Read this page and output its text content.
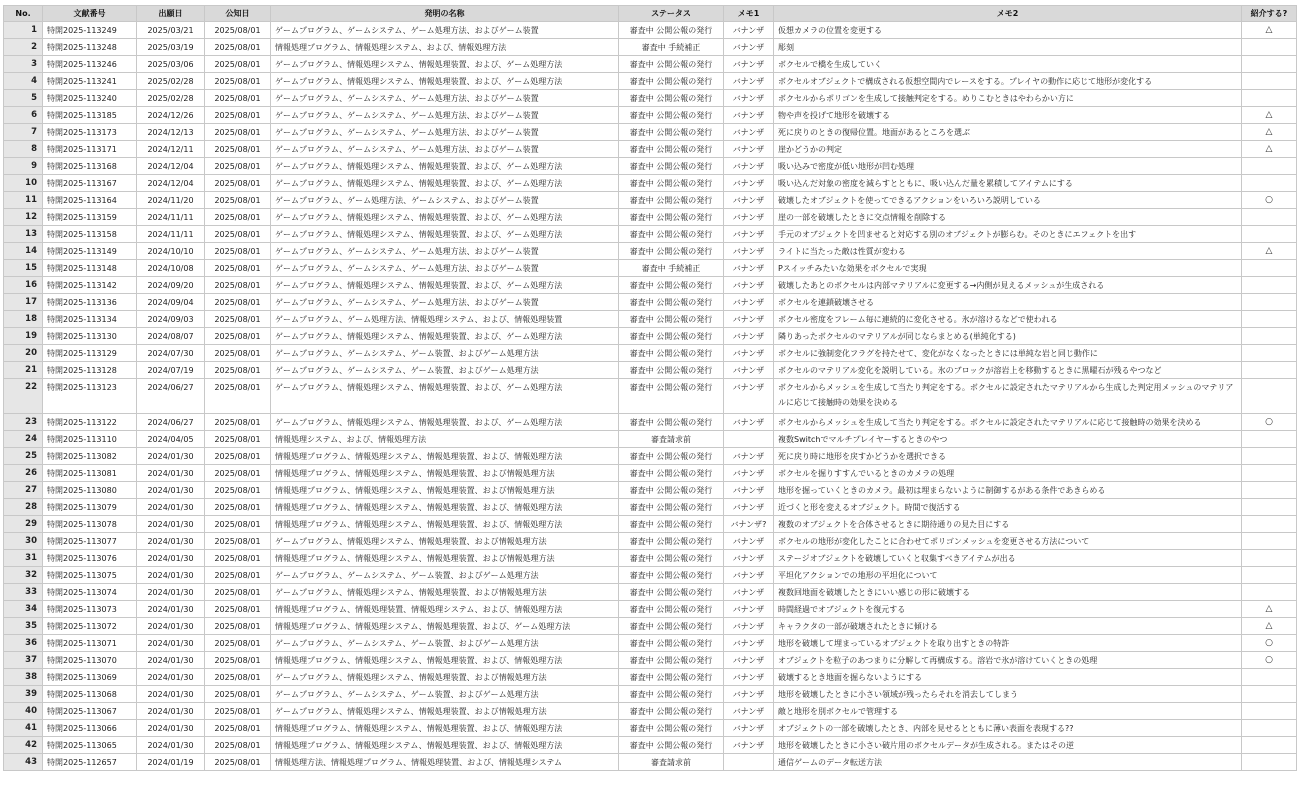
No.	文献番号	出願日	公知日	発明の名称	ステータス	メモ1	メモ2	紹介する?
1	特開2025-113249	2025/03/21	2025/08/01	ゲームプログラム、ゲームシステム、ゲーム処理方法、およびゲーム装置	審査中 公開公報の発行	バナンザ	仮想カメラの位置を変更する	△
2	特開2025-113248	2025/03/19	2025/08/01	情報処理プログラム、情報処理システム、および、情報処理方法	審査中 手続補正	バナンザ	彫刻	
3	特開2025-113246	2025/03/06	2025/08/01	ゲームプログラム、情報処理システム、情報処理装置、および、ゲーム処理方法	審査中 公開公報の発行	バナンザ	ボクセルで橋を生成していく	
4	特開2025-113241	2025/02/28	2025/08/01	ゲームプログラム、情報処理システム、情報処理装置、および、ゲーム処理方法	審査中 公開公報の発行	バナンザ	ボクセルオブジェクトで構成される仮想空間内でレースをする。プレイヤの動作に応じて地形が変化する	
5	特開2025-113240	2025/02/28	2025/08/01	ゲームプログラム、ゲームシステム、ゲーム処理方法、およびゲーム装置	審査中 公開公報の発行	バナンザ	ボクセルからポリゴンを生成して接触判定をする。めりこむときはやわらかい方に	
6	特開2025-113185	2024/12/26	2025/08/01	ゲームプログラム、ゲームシステム、ゲーム処理方法、およびゲーム装置	審査中 公開公報の発行	バナンザ	物や声を投げて地形を破壊する	△
7	特開2025-113173	2024/12/13	2025/08/01	ゲームプログラム、ゲームシステム、ゲーム処理方法、およびゲーム装置	審査中 公開公報の発行	バナンザ	死に戻りのときの復帰位置。地面があるところを選ぶ	△
8	特開2025-113171	2024/12/11	2025/08/01	ゲームプログラム、ゲームシステム、ゲーム処理方法、およびゲーム装置	審査中 公開公報の発行	バナンザ	崖かどうかの判定	△
9	特開2025-113168	2024/12/04	2025/08/01	ゲームプログラム、情報処理システム、情報処理装置、および、ゲーム処理方法	審査中 公開公報の発行	バナンザ	吸い込みで密度が低い地形が凹む処理	
10	特開2025-113167	2024/12/04	2025/08/01	ゲームプログラム、情報処理システム、情報処理装置、および、ゲーム処理方法	審査中 公開公報の発行	バナンザ	吸い込んだ対象の密度を減らすとともに、吸い込んだ量を累積してアイテムにする	
11	特開2025-113164	2024/11/20	2025/08/01	ゲームプログラム、ゲーム処理方法、ゲームシステム、およびゲーム装置	審査中 公開公報の発行	バナンザ	破壊したオブジェクトを使ってできるアクションをいろいろ説明している	○
12	特開2025-113159	2024/11/11	2025/08/01	ゲームプログラム、情報処理システム、情報処理装置、および、ゲーム処理方法	審査中 公開公報の発行	バナンザ	崖の一部を破壊したときに交点情報を削除する	
13	特開2025-113158	2024/11/11	2025/08/01	ゲームプログラム、情報処理システム、情報処理装置、および、ゲーム処理方法	審査中 公開公報の発行	バナンザ	手元のオブジェクトを凹ませると対応する別のオブジェクトが膨らむ。そのときにエフェクトを出す	
14	特開2025-113149	2024/10/10	2025/08/01	ゲームプログラム、ゲームシステム、ゲーム処理方法、およびゲーム装置	審査中 公開公報の発行	バナンザ	ライトに当たった敵は性質が変わる	△
15	特開2025-113148	2024/10/08	2025/08/01	ゲームプログラム、ゲームシステム、ゲーム処理方法、およびゲーム装置	審査中 手続補正	バナンザ	Pスイッチみたいな効果をボクセルで実現	
16	特開2025-113142	2024/09/20	2025/08/01	ゲームプログラム、情報処理システム、情報処理装置、および、ゲーム処理方法	審査中 公開公報の発行	バナンザ	破壊したあとのボクセルは内部マテリアルに変更する→内側が見えるメッシュが生成される	
17	特開2025-113136	2024/09/04	2025/08/01	ゲームプログラム、ゲームシステム、ゲーム処理方法、およびゲーム装置	審査中 公開公報の発行	バナンザ	ボクセルを連鎖破壊させる	
18	特開2025-113134	2024/09/03	2025/08/01	ゲームプログラム、ゲーム処理方法、情報処理システム、および、情報処理装置	審査中 公開公報の発行	バナンザ	ボクセル密度をフレーム毎に連続的に変化させる。氷が溶けるなどで使われる	
19	特開2025-113130	2024/08/07	2025/08/01	ゲームプログラム、情報処理システム、情報処理装置、および、ゲーム処理方法	審査中 公開公報の発行	バナンザ	隣りあったボクセルのマテリアルが同じならまとめる(単純化する)	
20	特開2025-113129	2024/07/30	2025/08/01	ゲームプログラム、ゲームシステム、ゲーム装置、およびゲーム処理方法	審査中 公開公報の発行	バナンザ	ボクセルに強制変化フラグを持たせて、変化がなくなったときには単純な岩と同じ動作に	
21	特開2025-113128	2024/07/19	2025/08/01	ゲームプログラム、ゲームシステム、ゲーム装置、およびゲーム処理方法	審査中 公開公報の発行	バナンザ	ボクセルのマテリアル変化を説明している。氷のブロックが溶岩上を移動するときに黒曜石が残るやつなど	
22	特開2025-113123	2024/06/27	2025/08/01	ゲームプログラム、情報処理システム、情報処理装置、および、ゲーム処理方法	審査中 公開公報の発行	バナンザ	ボクセルからメッシュを生成して当たり判定をする。ボクセルに設定されたマテリアルから生成した判定用メッシュのマテリアルに応じて接触時の効果を決める	
23	特開2025-113122	2024/06/27	2025/08/01	ゲームプログラム、情報処理システム、情報処理装置、および、ゲーム処理方法	審査中 公開公報の発行	バナンザ	ボクセルからメッシュを生成して当たり判定をする。ボクセルに設定されたマテリアルに応じて接触時の効果を決める	○
24	特開2025-113110	2024/04/05	2025/08/01	情報処理システム、および、情報処理方法	審査請求前		複数Switchでマルチプレイヤーするときのやつ	
25	特開2025-113082	2024/01/30	2025/08/01	情報処理プログラム、情報処理システム、情報処理装置、および、情報処理方法	審査中 公開公報の発行	バナンザ	死に戻り時に地形を戻すかどうかを選択できる	
26	特開2025-113081	2024/01/30	2025/08/01	情報処理プログラム、情報処理システム、情報処理装置、および情報処理方法	審査中 公開公報の発行	バナンザ	ボクセルを掘りすすんでいるときのカメラの処理	
27	特開2025-113080	2024/01/30	2025/08/01	情報処理プログラム、情報処理システム、情報処理装置、および情報処理方法	審査中 公開公報の発行	バナンザ	地形を掘っていくときのカメラ。最初は埋まらないように制御するがある条件であきらめる	
28	特開2025-113079	2024/01/30	2025/08/01	情報処理プログラム、情報処理システム、情報処理装置、および、情報処理方法	審査中 公開公報の発行	バナンザ	近づくと形を変えるオブジェクト。時間で復活する	
29	特開2025-113078	2024/01/30	2025/08/01	情報処理プログラム、情報処理システム、情報処理装置、および、情報処理方法	審査中 公開公報の発行	バナンザ?	複数のオブジェクトを合体させるときに期待通りの見た目にする	
30	特開2025-113077	2024/01/30	2025/08/01	ゲームプログラム、情報処理システム、情報処理装置、および情報処理方法	審査中 公開公報の発行	バナンザ	ボクセルの地形が変化したことに合わせてポリゴンメッシュを変更させる方法について	
31	特開2025-113076	2024/01/30	2025/08/01	情報処理プログラム、情報処理システム、情報処理装置、および情報処理方法	審査中 公開公報の発行	バナンザ	ステージオブジェクトを破壊していくと収集すべきアイテムが出る	
32	特開2025-113075	2024/01/30	2025/08/01	ゲームプログラム、ゲームシステム、ゲーム装置、およびゲーム処理方法	審査中 公開公報の発行	バナンザ	平坦化アクションでの地形の平坦化について	
33	特開2025-113074	2024/01/30	2025/08/01	ゲームプログラム、情報処理システム、情報処理装置、および情報処理方法	審査中 公開公報の発行	バナンザ	複数回地面を破壊したときにいい感じの形に破壊する	
34	特開2025-113073	2024/01/30	2025/08/01	情報処理プログラム、情報処理装置、情報処理システム、および、情報処理方法	審査中 公開公報の発行	バナンザ	時間経過でオブジェクトを復元する	△
35	特開2025-113072	2024/01/30	2025/08/01	情報処理プログラム、情報処理システム、情報処理装置、および、ゲーム処理方法	審査中 公開公報の発行	バナンザ	キャラクタの一部が破壊されたときに傾ける	△
36	特開2025-113071	2024/01/30	2025/08/01	ゲームプログラム、ゲームシステム、ゲーム装置、およびゲーム処理方法	審査中 公開公報の発行	バナンザ	地形を破壊して埋まっているオブジェクトを取り出すときの特許	○
37	特開2025-113070	2024/01/30	2025/08/01	情報処理プログラム、情報処理システム、情報処理装置、および、情報処理方法	審査中 公開公報の発行	バナンザ	オブジェクトを粒子のあつまりに分解して再構成する。溶岩で氷が溶けていくときの処理	○
38	特開2025-113069	2024/01/30	2025/08/01	ゲームプログラム、情報処理システム、情報処理装置、および情報処理方法	審査中 公開公報の発行	バナンザ	破壊するとき地面を掘らないようにする	
39	特開2025-113068	2024/01/30	2025/08/01	ゲームプログラム、ゲームシステム、ゲーム装置、およびゲーム処理方法	審査中 公開公報の発行	バナンザ	地形を破壊したときに小さい領域が残ったらそれを消去してしまう	
40	特開2025-113067	2024/01/30	2025/08/01	ゲームプログラム、情報処理システム、情報処理装置、および情報処理方法	審査中 公開公報の発行	バナンザ	敵と地形を別ボクセルで管理する	
41	特開2025-113066	2024/01/30	2025/08/01	情報処理プログラム、情報処理システム、情報処理装置、および、情報処理方法	審査中 公開公報の発行	バナンザ	オブジェクトの一部を破壊したとき、内部を見せるとともに薄い表面を表現する??	
42	特開2025-113065	2024/01/30	2025/08/01	情報処理プログラム、情報処理システム、情報処理装置、および、情報処理方法	審査中 公開公報の発行	バナンザ	地形を破壊したときに小さい破片用のボクセルデータが生成される。またはその逆	
43	特開2025-112657	2024/01/19	2025/08/01	情報処理方法、情報処理プログラム、情報処理装置、および、情報処理システム	審査請求前		通信ゲームのデータ転送方法	
